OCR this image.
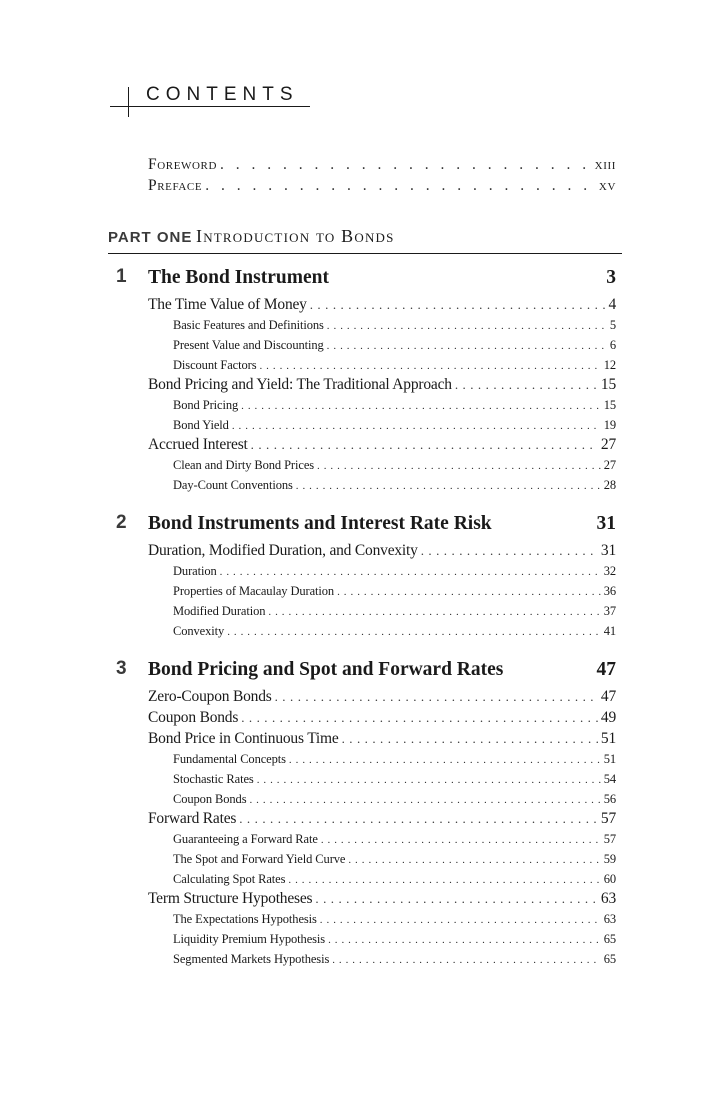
CONTENTS
Foreword . . .	xiii
Preface . . .	xv
PART ONE Introduction to Bonds
1 The Bond Instrument	3
The Time Value of Money . . .	4
Basic Features and Definitions . . .	5
Present Value and Discounting . . .	6
Discount Factors . . .	12
Bond Pricing and Yield: The Traditional Approach . . .	15
Bond Pricing . . .	15
Bond Yield . . .	19
Accrued Interest . . .	27
Clean and Dirty Bond Prices . . .	27
Day-Count Conventions . . .	28
2 Bond Instruments and Interest Rate Risk	31
Duration, Modified Duration, and Convexity . . .	31
Duration . . .	32
Properties of Macaulay Duration . . .	36
Modified Duration . . .	37
Convexity . . .	41
3 Bond Pricing and Spot and Forward Rates	47
Zero-Coupon Bonds . . .	47
Coupon Bonds . . .	49
Bond Price in Continuous Time . . .	51
Fundamental Concepts . . .	51
Stochastic Rates . . .	54
Coupon Bonds . . .	56
Forward Rates . . .	57
Guaranteeing a Forward Rate . . .	57
The Spot and Forward Yield Curve . . .	59
Calculating Spot Rates . . .	60
Term Structure Hypotheses . . .	63
The Expectations Hypothesis . . .	63
Liquidity Premium Hypothesis . . .	65
Segmented Markets Hypothesis . . .	65
